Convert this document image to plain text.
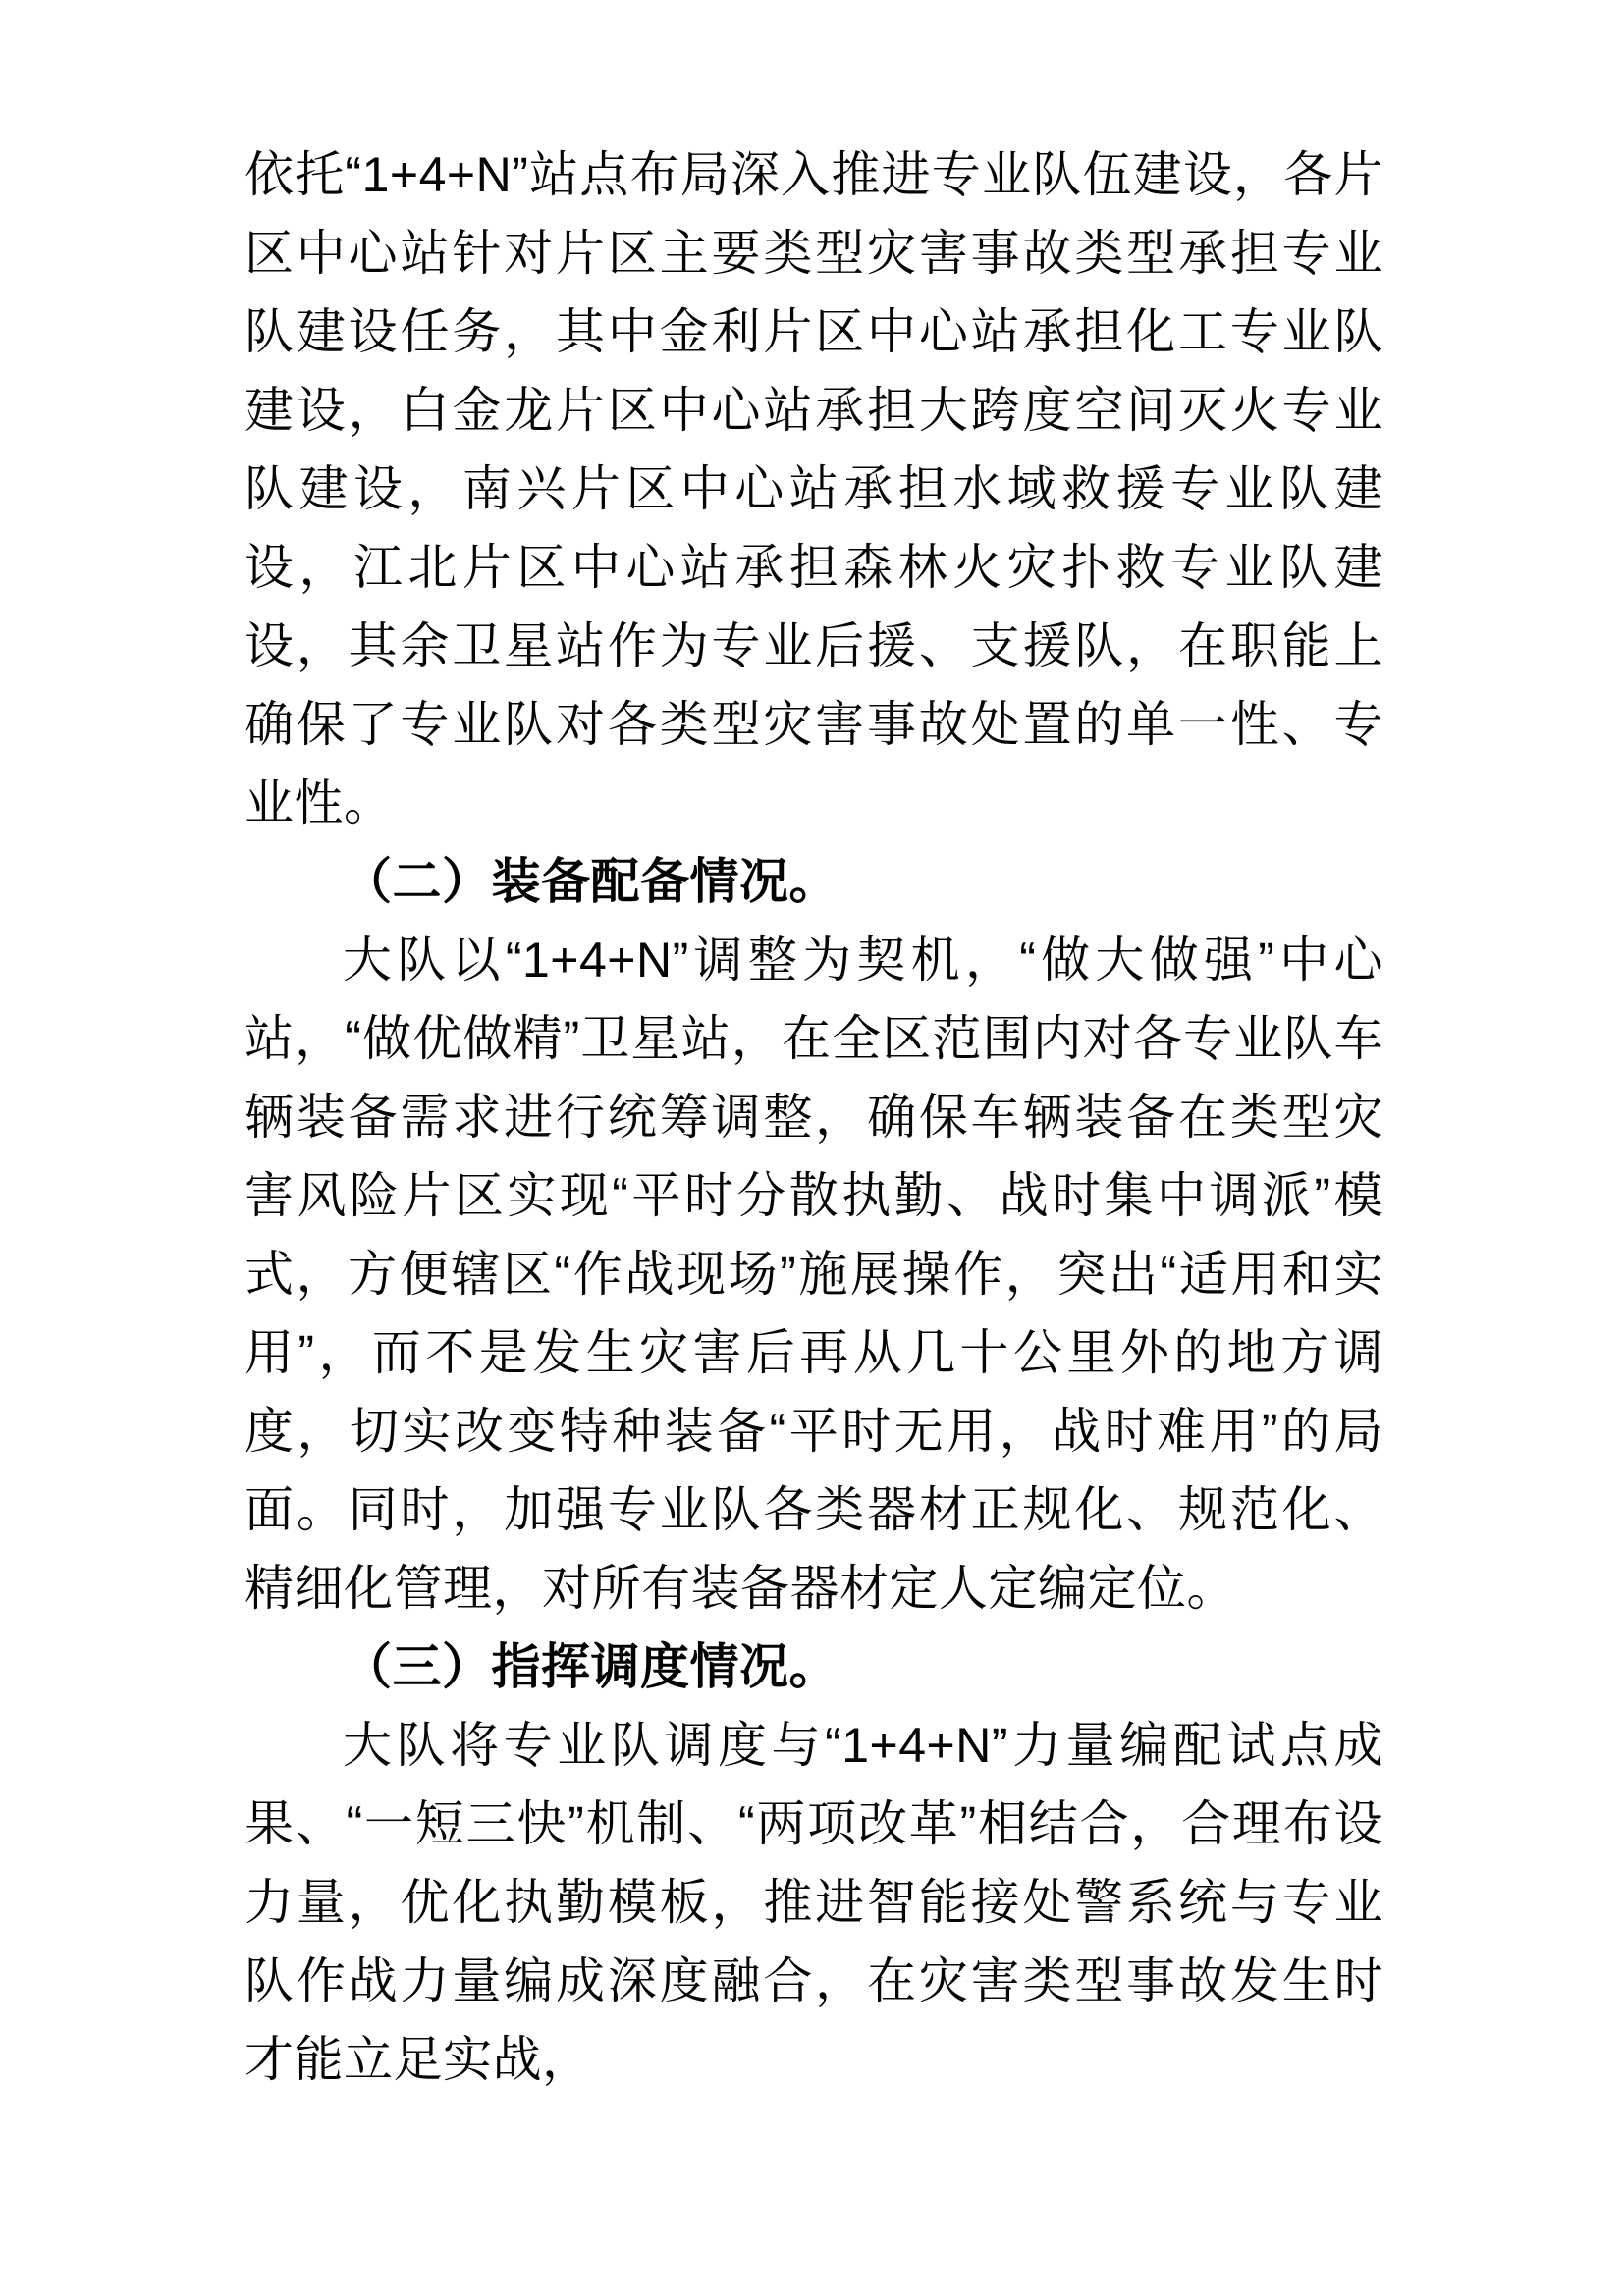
依托“1+4+N”站点布局深入推进专业队伍建设，各片区中心站针对片区主要类型灾害事故类型承担专业队建设任务，其中金利片区中心站承担化工专业队建设，白金龙片区中心站承担大跨度空间灭火专业队建设，南兴片区中心站承担水域救援专业队建设，江北片区中心站承担森林火灾扑救专业队建设，其余卫星站作为专业后援、支援队，在职能上确保了专业队对各类型灾害事故处置的单一性、专业性。

（二）装备配备情况。

大队以“1+4+N”调整为契机，“做大做强”中心站，“做优做精”卫星站，在全区范围内对各专业队车辆装备需求进行统筹调整，确保车辆装备在类型灾害风险片区实现“平时分散执勤、战时集中调派”模式，方便辖区“作战现场”施展操作，突出“适用和实用”，而不是发生灾害后再从几十公里外的地方调度，切实改变特种装备“平时无用，战时难用”的局面。同时，加强专业队各类器材正规化、规范化、精细化管理，对所有装备器材定人定编定位。

（三）指挥调度情况。

大队将专业队调度与“1+4+N”力量编配试点成果、“一短三快”机制、“两项改革”相结合，合理布设力量，优化执勤模板，推进智能接处警系统与专业队作战力量编成深度融合，在灾害类型事故发生时才能立足实战，
